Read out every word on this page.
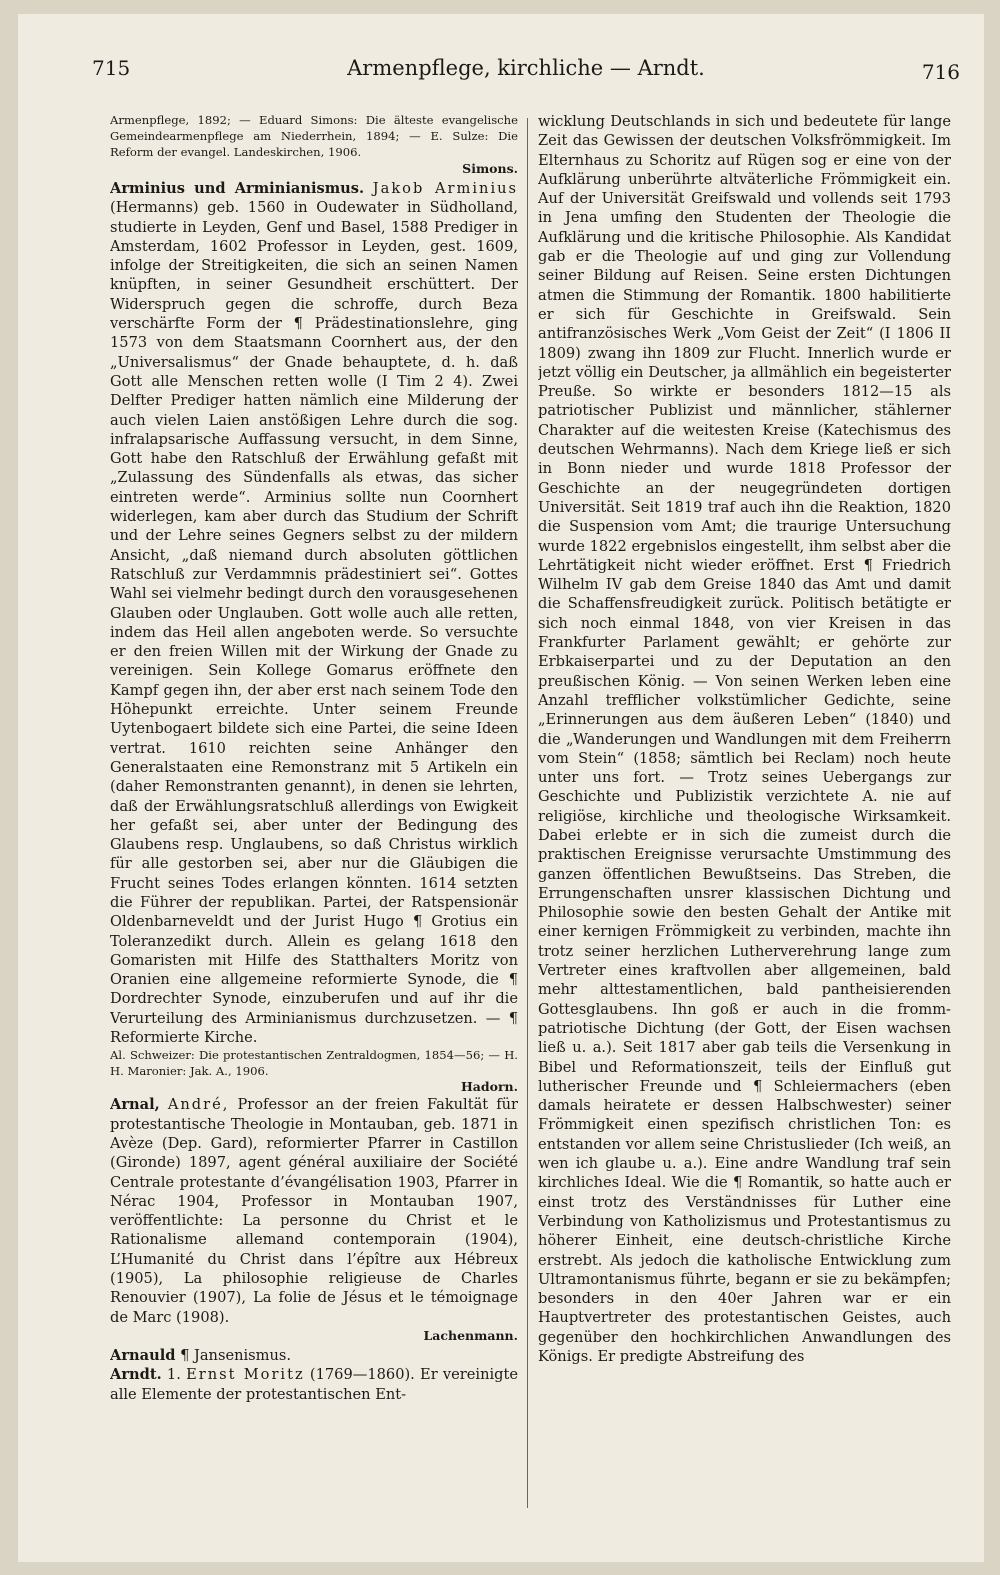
715	Armenpflege, kirchliche — Arndt.	716

Armenpflege, 1892; — Eduard Simons: Die älteste evangelische Gemeindearmenpflege am Niederrhein, 1894; — E. Sulze: Die Reform der evangel. Landeskirchen, 1906.

Simons.

Arminius und Arminianismus. Jakob Arminius (Hermanns) geb. 1560 in Oudewater in Südholland, studierte in Leyden, Genf und Basel, 1588 Prediger in Amsterdam, 1602 Professor in Leyden, gest. 1609, infolge der Streitigkeiten, die sich an seinen Namen knüpften, in seiner Gesundheit erschüttert. Der Widerspruch gegen die schroffe, durch Beza verschärfte Form der ¶ Prädestinationslehre, ging 1573 von dem Staatsmann Coornhert aus, der den „Universalismus“ der Gnade behauptete, d. h. daß Gott alle Menschen retten wolle (I Tim 2 4). Zwei Delfter Prediger hatten nämlich eine Milderung der auch vielen Laien anstößigen Lehre durch die sog. infralapsarische Auffassung versucht, in dem Sinne, Gott habe den Ratschluß der Erwählung gefaßt mit „Zulassung des Sündenfalls als etwas, das sicher eintreten werde“. Arminius sollte nun Coornhert widerlegen, kam aber durch das Studium der Schrift und der Lehre seines Gegners selbst zu der mildern Ansicht, „daß niemand durch absoluten göttlichen Ratschluß zur Verdammnis prädestiniert sei“. Gottes Wahl sei vielmehr bedingt durch den vorausgesehenen Glauben oder Unglauben. Gott wolle auch alle retten, indem das Heil allen angeboten werde. So versuchte er den freien Willen mit der Wirkung der Gnade zu vereinigen. Sein Kollege Gomarus eröffnete den Kampf gegen ihn, der aber erst nach seinem Tode den Höhepunkt erreichte. Unter seinem Freunde Uytenbogaert bildete sich eine Partei, die seine Ideen vertrat. 1610 reichten seine Anhänger den Generalstaaten eine Remonstranz mit 5 Artikeln ein (daher Remonstranten genannt), in denen sie lehrten, daß der Erwählungsratschluß allerdings von Ewigkeit her gefaßt sei, aber unter der Bedingung des Glaubens resp. Unglaubens, so daß Christus wirklich für alle gestorben sei, aber nur die Gläubigen die Frucht seines Todes erlangen könnten. 1614 setzten die Führer der republikan. Partei, der Ratspensionär Oldenbarneveldt und der Jurist Hugo ¶ Grotius ein Toleranzedikt durch. Allein es gelang 1618 den Gomaristen mit Hilfe des Statthalters Moritz von Oranien eine allgemeine reformierte Synode, die ¶ Dordrechter Synode, einzuberufen und auf ihr die Verurteilung des Arminianismus durchzusetzen. — ¶ Reformierte Kirche.

Al. Schweizer: Die protestantischen Zentraldogmen, 1854—56; — H. H. Maronier: Jak. A., 1906.
Hadorn.

Arnal, André, Professor an der freien Fakultät für protestantische Theologie in Montauban, geb. 1871 in Avèze (Dep. Gard), reformierter Pfarrer in Castillon (Gironde) 1897, agent général auxiliaire der Société Centrale protestante d’évangélisation 1903, Pfarrer in Nérac 1904, Professor in Montauban 1907, veröffentlichte: La personne du Christ et le Rationalisme allemand contemporain (1904), L’Humanité du Christ dans l’épître aux Hébreux (1905), La philosophie religieuse de Charles Renouvier (1907), La folie de Jésus et le témoignage de Marc (1908).

Lachenmann.

Arnauld ¶ Jansenismus.

Arndt. 1. Ernst Moritz (1769—1860). Er vereinigte alle Elemente der protestantischen Ent-

wicklung Deutschlands in sich und bedeutete für lange Zeit das Gewissen der deutschen Volksfrömmigkeit. Im Elternhaus zu Schoritz auf Rügen sog er eine von der Aufklärung unberührte altväterliche Frömmigkeit ein. Auf der Universität Greifswald und vollends seit 1793 in Jena umfing den Studenten der Theologie die Aufklärung und die kritische Philosophie. Als Kandidat gab er die Theologie auf und ging zur Vollendung seiner Bildung auf Reisen. Seine ersten Dichtungen atmen die Stimmung der Romantik. 1800 habilitierte er sich für Geschichte in Greifswald. Sein antifranzösisches Werk „Vom Geist der Zeit“ (I 1806 II 1809) zwang ihn 1809 zur Flucht. Innerlich wurde er jetzt völlig ein Deutscher, ja allmählich ein begeisterter Preuße. So wirkte er besonders 1812—15 als patriotischer Publizist und männlicher, stählerner Charakter auf die weitesten Kreise (Katechismus des deutschen Wehrmanns). Nach dem Kriege ließ er sich in Bonn nieder und wurde 1818 Professor der Geschichte an der neugegründeten dortigen Universität. Seit 1819 traf auch ihn die Reaktion, 1820 die Suspension vom Amt; die traurige Untersuchung wurde 1822 ergebnislos eingestellt, ihm selbst aber die Lehrtätigkeit nicht wieder eröffnet. Erst ¶ Friedrich Wilhelm IV gab dem Greise 1840 das Amt und damit die Schaffensfreudigkeit zurück. Politisch betätigte er sich noch einmal 1848, von vier Kreisen in das Frankfurter Parlament gewählt; er gehörte zur Erbkaiserpartei und zu der Deputation an den preußischen König. — Von seinen Werken leben eine Anzahl trefflicher volkstümlicher Gedichte, seine „Erinnerungen aus dem äußeren Leben“ (1840) und die „Wanderungen und Wandlungen mit dem Freiherrn vom Stein“ (1858; sämtlich bei Reclam) noch heute unter uns fort. — Trotz seines Uebergangs zur Geschichte und Publizistik verzichtete A. nie auf religiöse, kirchliche und theologische Wirksamkeit. Dabei erlebte er in sich die zumeist durch die praktischen Ereignisse verursachte Umstimmung des ganzen öffentlichen Bewußtseins. Das Streben, die Errungenschaften unsrer klassischen Dichtung und Philosophie sowie den besten Gehalt der Antike mit einer kernigen Frömmigkeit zu verbinden, machte ihn trotz seiner herzlichen Lutherverehrung lange zum Vertreter eines kraftvollen aber allgemeinen, bald mehr alttestamentlichen, bald pantheisierenden Gottesglaubens. Ihn goß er auch in die fromm-patriotische Dichtung (der Gott, der Eisen wachsen ließ u. a.). Seit 1817 aber gab teils die Versenkung in Bibel und Reformationszeit, teils der Einfluß gut lutherischer Freunde und ¶ Schleiermachers (eben damals heiratete er dessen Halbschwester) seiner Frömmigkeit einen spezifisch christlichen Ton: es entstanden vor allem seine Christuslieder (Ich weiß, an wen ich glaube u. a.). Eine andre Wandlung traf sein kirchliches Ideal. Wie die ¶ Romantik, so hatte auch er einst trotz des Verständnisses für Luther eine Verbindung von Katholizismus und Protestantismus zu höherer Einheit, eine deutsch-christliche Kirche erstrebt. Als jedoch die katholische Entwicklung zum Ultramontanismus führte, begann er sie zu bekämpfen; besonders in den 40er Jahren war er ein Hauptvertreter des protestantischen Geistes, auch gegenüber den hochkirchlichen Anwandlungen des Königs. Er predigte Abstreifung des
